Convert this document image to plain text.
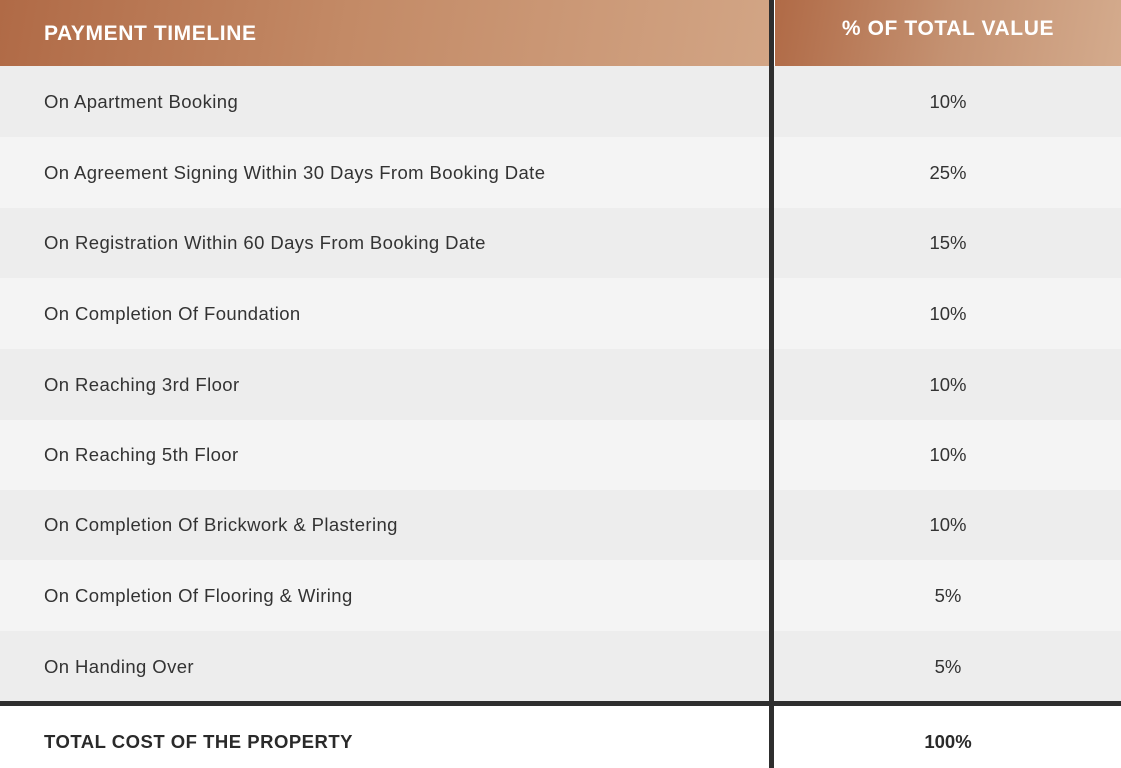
PAYMENT TIMELINE	% OF TOTAL VALUE
On Apartment Booking	10%
On Agreement Signing Within 30 Days From Booking Date	25%
On Registration Within 60 Days From Booking Date	15%
On Completion Of Foundation	10%
On Reaching 3rd Floor	10%
On Reaching 5th Floor	10%
On Completion Of Brickwork & Plastering	10%
On Completion Of Flooring & Wiring	5%
On Handing Over	5%
TOTAL COST OF THE PROPERTY	100%
